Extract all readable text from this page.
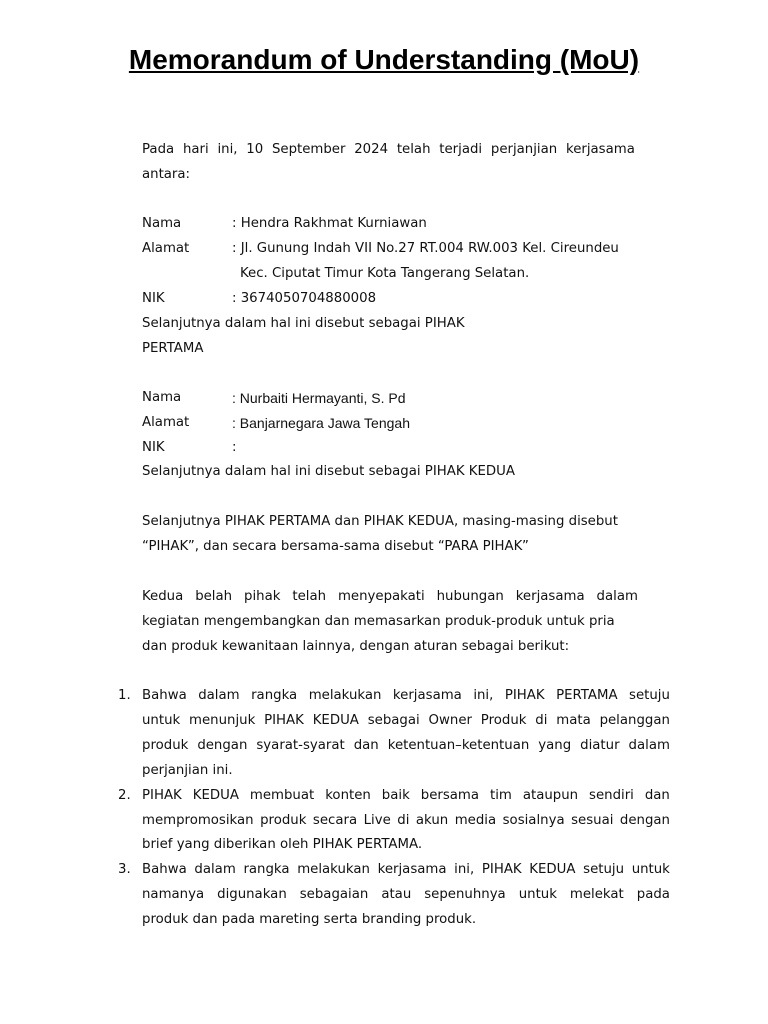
Memorandum of Understanding (MoU)
Pada hari ini, 10 September 2024 telah terjadi perjanjian kerjasama
antara:
Nama	: Hendra Rakhmat Kurniawan
Alamat	: Jl. Gunung Indah VII No.27 RT.004 RW.003 Kel. Cireundeu
Kec. Ciputat Timur Kota Tangerang Selatan.
NIK	: 3674050704880008
Selanjutnya dalam hal ini disebut sebagai PIHAK
PERTAMA
Nama	: Nurbaiti Hermayanti, S. Pd
Alamat	: Banjarnegara Jawa Tengah
NIK	:
Selanjutnya dalam hal ini disebut sebagai PIHAK KEDUA
Selanjutnya PIHAK PERTAMA dan PIHAK KEDUA, masing-masing disebut
“PIHAK”, dan secara bersama-sama disebut “PARA PIHAK”
Kedua belah pihak telah menyepakati hubungan kerjasama dalam
kegiatan mengembangkan dan memasarkan produk-produk untuk pria
dan produk kewanitaan lainnya, dengan aturan sebagai berikut:
1. Bahwa dalam rangka melakukan kerjasama ini, PIHAK PERTAMA setuju
untuk menunjuk PIHAK KEDUA sebagai Owner Produk di mata pelanggan
produk dengan syarat-syarat dan ketentuan–ketentuan yang diatur dalam
perjanjian ini.
2. PIHAK KEDUA membuat konten baik bersama tim ataupun sendiri dan
mempromosikan produk secara Live di akun media sosialnya sesuai dengan
brief yang diberikan oleh PIHAK PERTAMA.
3. Bahwa dalam rangka melakukan kerjasama ini, PIHAK KEDUA setuju untuk
namanya digunakan sebagaian atau sepenuhnya untuk melekat pada
produk dan pada mareting serta branding produk.
